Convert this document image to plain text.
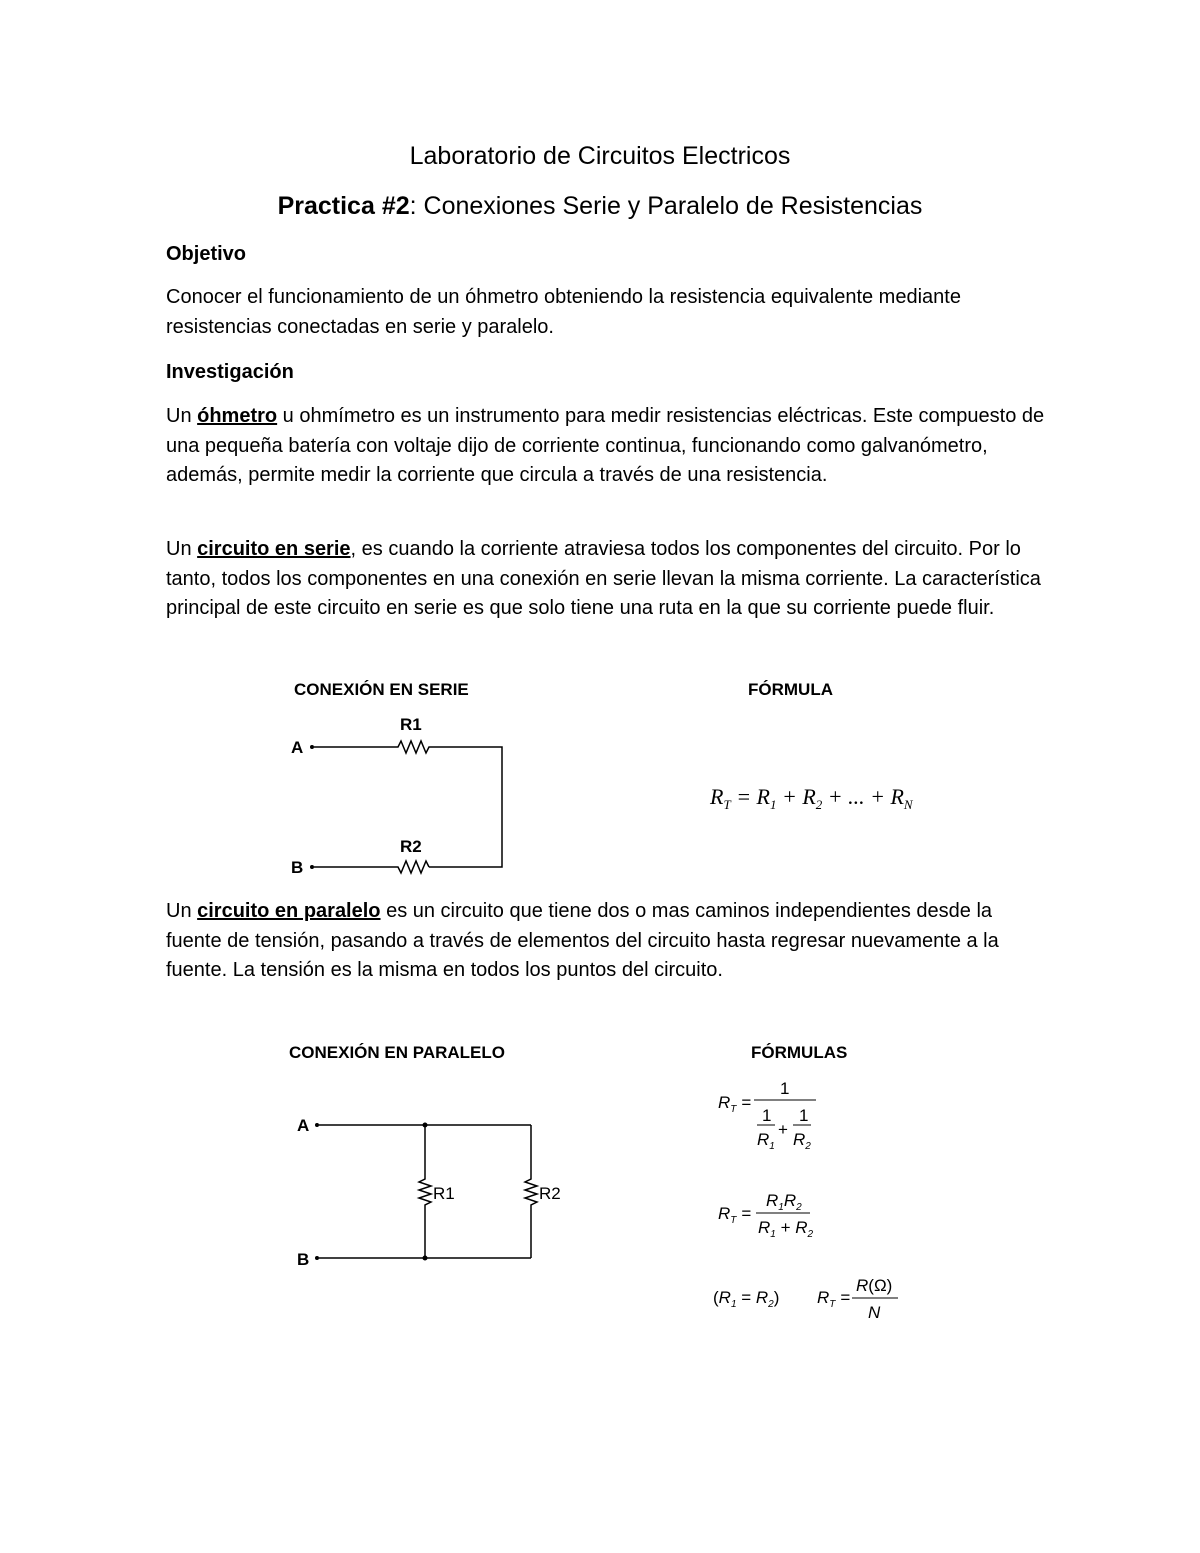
Laboratorio de Circuitos Electricos
Practica #2: Conexiones Serie y Paralelo de Resistencias
Objetivo

Conocer el funcionamiento de un óhmetro obteniendo la resistencia equivalente mediante resistencias conectadas en serie y paralelo.

Investigación

Un óhmetro u ohmímetro es un instrumento para medir resistencias eléctricas. Este compuesto de una pequeña batería con voltaje dijo de corriente continua, funcionando como galvanómetro, además, permite medir la corriente que circula a través de una resistencia.

Un circuito en serie, es cuando la corriente atraviesa todos los componentes del circuito. Por lo tanto, todos los componentes en una conexión en serie llevan la misma corriente. La característica principal de este circuito en serie es que solo tiene una ruta en la que su corriente puede fluir.

CONEXIÓN EN SERIE	FÓRMULA
A
R1
R2
B
$R_T = R_1 + R_2$ + ... + $R_N$

Un circuito en paralelo es un circuito que tiene dos o mas caminos independientes desde la fuente de tensión, pasando a través de elementos del circuito hasta regresar nuevamente a la fuente. La tensión es la misma en todos los puntos del circuito.

CONEXIÓN EN PARALELO	FÓRMULAS
A
B
R1	R2
$R_T$ =
1
1
$R_1$
+
1
$R_2$
$R_T$ =
$R_1R_2$
$R_1 + R_2$
$(R_1 = R_2) R_T$ =
R(Ω)
N
